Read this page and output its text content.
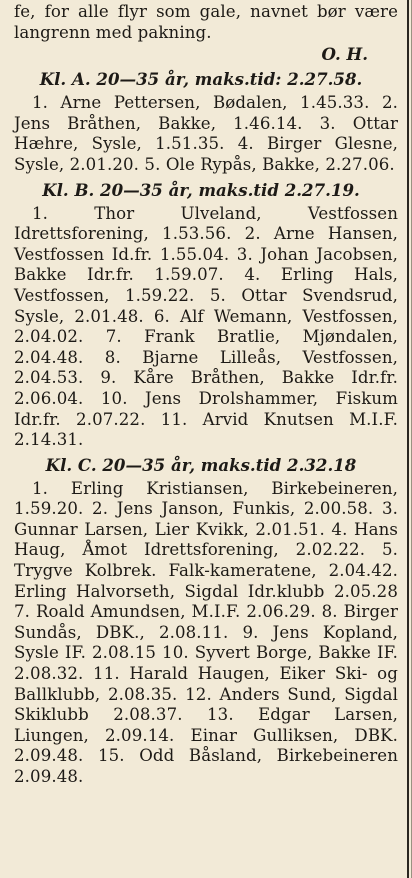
fe, for alle flyr som gale, navnet bør være langrenn med pakning.

O. H.

Kl. A. 20—35 år, maks.tid: 2.27.58.

1. Arne Pettersen, Bødalen, 1.45.33. 2. Jens Bråthen, Bakke, 1.46.14. 3. Ottar Hæhre, Sysle, 1.51.35. 4. Birger Glesne, Sysle, 2.01.20. 5. Ole Rypås, Bakke, 2.27.06.

Kl. B. 20—35 år, maks.tid 2.27.19.

1. Thor Ulveland, Vestfossen Idrettsforening, 1.53.56. 2. Arne Hansen, Vestfossen Id.fr. 1.55.04. 3. Johan Jacobsen, Bakke Idr.fr. 1.59.07. 4. Erling Hals, Vestfossen, 1.59.22. 5. Ottar Svendsrud, Sysle, 2.01.48. 6. Alf Wemann, Vestfossen, 2.04.02. 7. Frank Bratlie, Mjøndalen, 2.04.48. 8. Bjarne Lilleås, Vestfossen, 2.04.53. 9. Kåre Bråthen, Bakke Idr.fr. 2.06.04. 10. Jens Drolshammer, Fiskum Idr.fr. 2.07.22. 11. Arvid Knutsen M.I.F. 2.14.31.

Kl. C. 20—35 år, maks.tid 2.32.18

1. Erling Kristiansen, Birkebeineren, 1.59.20. 2. Jens Janson, Funkis, 2.00.58. 3. Gunnar Larsen, Lier Kvikk, 2.01.51. 4. Hans Haug, Åmot Idrettsforening, 2.02.22. 5. Trygve Kolbrek. Falk-kameratene, 2.04.42. Erling Halvorseth, Sigdal Idr.klubb 2.05.28 7. Roald Amundsen, M.I.F. 2.06.29. 8. Birger Sundås, DBK., 2.08.11. 9. Jens Kopland, Sysle IF. 2.08.15 10. Syvert Borge, Bakke IF. 2.08.32. 11. Harald Haugen, Eiker Ski- og Ballklubb, 2.08.35. 12. Anders Sund, Sigdal Skiklubb 2.08.37. 13. Edgar Larsen, Liungen, 2.09.14. Einar Gulliksen, DBK. 2.09.48. 15. Odd Båsland, Birkebeineren 2.09.48.
